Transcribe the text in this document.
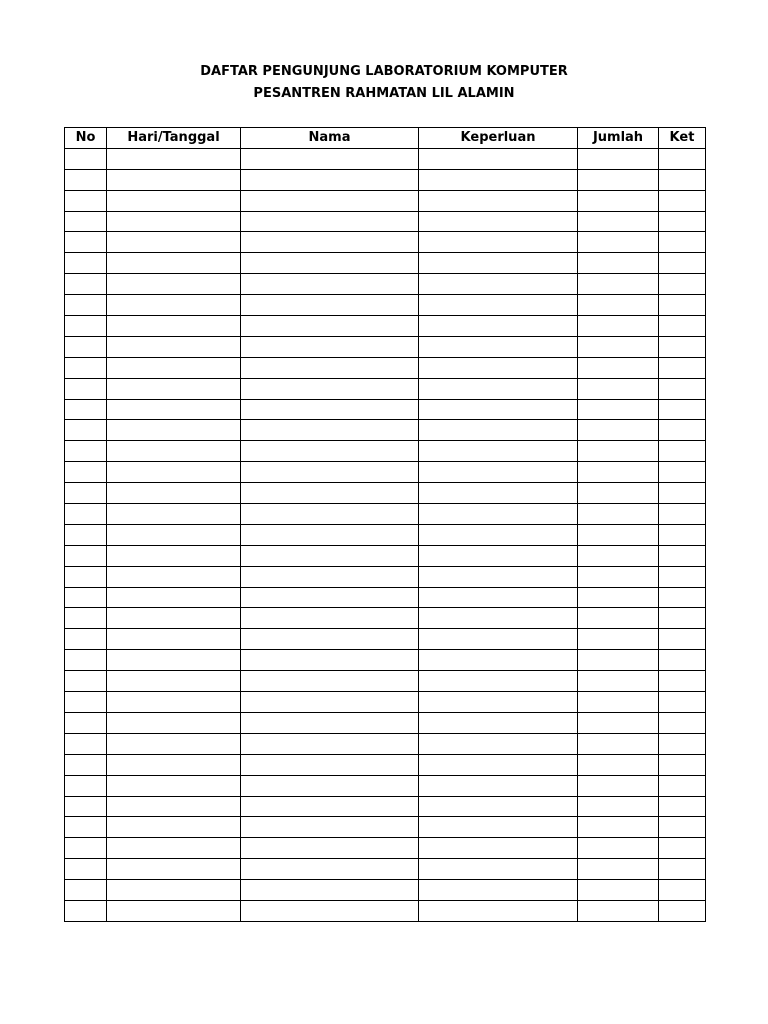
DAFTAR PENGUNJUNG LABORATORIUM KOMPUTER
PESANTREN RAHMATAN LIL ALAMIN
No	Hari/Tanggal	Nama	Keperluan	Jumlah	Ket
